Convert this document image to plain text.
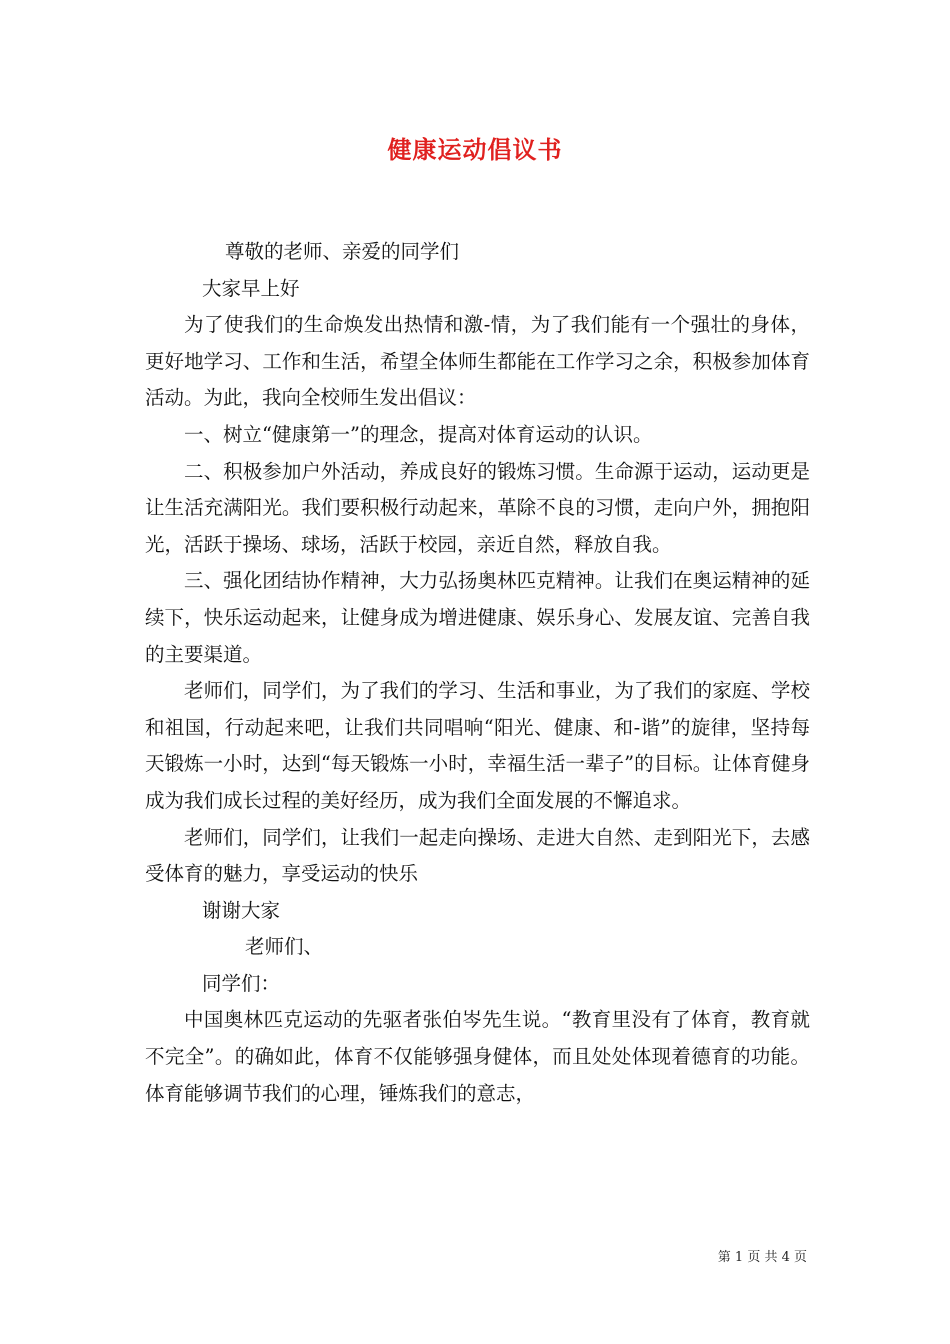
健康运动倡议书

尊敬的老师、亲爱的同学们

大家早上好

为了使我们的生命焕发出热情和激-情，为了我们能有一个强壮的身体，更好地学习、工作和生活，希望全体师生都能在工作学习之余，积极参加体育活动。为此，我向全校师生发出倡议：

一、树立“健康第一”的理念，提高对体育运动的认识。

二、积极参加户外活动，养成良好的锻炼习惯。生命源于运动，运动更是让生活充满阳光。我们要积极行动起来，革除不良的习惯，走向户外，拥抱阳光，活跃于操场、球场，活跃于校园，亲近自然，释放自我。

三、强化团结协作精神，大力弘扬奥林匹克精神。让我们在奥运精神的延续下，快乐运动起来，让健身成为增进健康、娱乐身心、发展友谊、完善自我的主要渠道。

老师们，同学们，为了我们的学习、生活和事业，为了我们的家庭、学校和祖国，行动起来吧，让我们共同唱响“阳光、健康、和-谐”的旋律，坚持每天锻炼一小时，达到“每天锻炼一小时，幸福生活一辈子”的目标。让体育健身成为我们成长过程的美好经历，成为我们全面发展的不懈追求。

老师们，同学们，让我们一起走向操场、走进大自然、走到阳光下，去感受体育的魅力，享受运动的快乐

谢谢大家

老师们、

同学们：

中国奥林匹克运动的先驱者张伯岑先生说。“教育里没有了体育，教育就不完全”。的确如此，体育不仅能够强身健体，而且处处体现着德育的功能。体育能够调节我们的心理，锤炼我们的意志，

第 1 页 共 4 页
